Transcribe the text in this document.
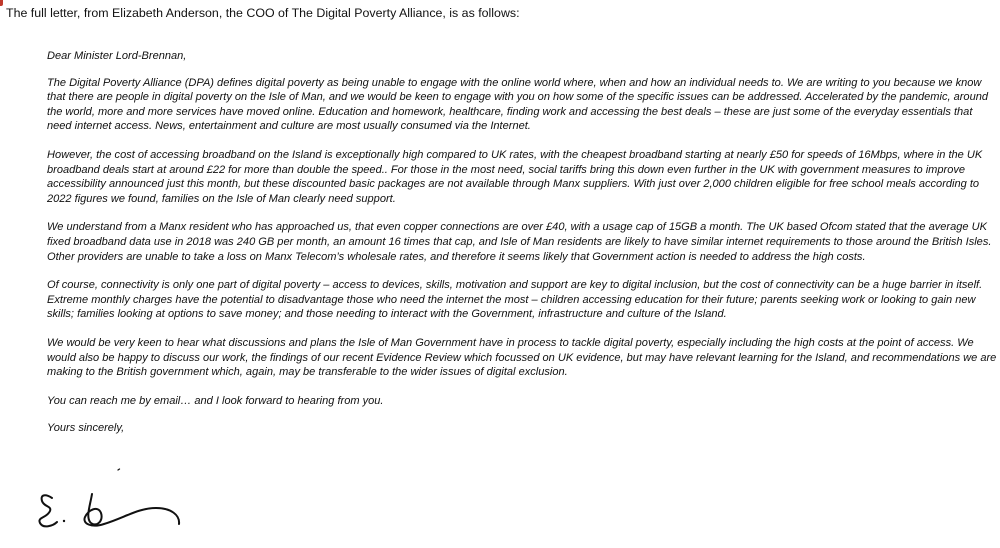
The full letter, from Elizabeth Anderson, the COO of The Digital Poverty Alliance, is as follows:

Dear Minister Lord-Brennan,

The Digital Poverty Alliance (DPA) defines digital poverty as being unable to engage with the online world where, when and how an individual needs to. We are writing to you because we know that there are people in digital poverty on the Isle of Man, and we would be keen to engage with you on how some of the specific issues can be addressed. Accelerated by the pandemic, around the world, more and more services have moved online. Education and homework, healthcare, finding work and accessing the best deals – these are just some of the everyday essentials that need internet access. News, entertainment and culture are most usually consumed via the Internet.

However, the cost of accessing broadband on the Island is exceptionally high compared to UK rates, with the cheapest broadband starting at nearly £50 for speeds of 16Mbps, where in the UK broadband deals start at around £22 for more than double the speed.. For those in the most need, social tariffs bring this down even further in the UK with government measures to improve accessibility announced just this month, but these discounted basic packages are not available through Manx suppliers. With just over 2,000 children eligible for free school meals according to 2022 figures we found, families on the Isle of Man clearly need support.

We understand from a Manx resident who has approached us, that even copper connections are over £40, with a usage cap of 15GB a month. The UK based Ofcom stated that the average UK fixed broadband data use in 2018 was 240 GB per month, an amount 16 times that cap, and Isle of Man residents are likely to have similar internet requirements to those around the British Isles. Other providers are unable to take a loss on Manx Telecom’s wholesale rates, and therefore it seems likely that Government action is needed to address the high costs.

Of course, connectivity is only one part of digital poverty – access to devices, skills, motivation and support are key to digital inclusion, but the cost of connectivity can be a huge barrier in itself. Extreme monthly charges have the potential to disadvantage those who need the internet the most – children accessing education for their future; parents seeking work or looking to gain new skills; families looking at options to save money; and those needing to interact with the Government, infrastructure and culture of the Island.

We would be very keen to hear what discussions and plans the Isle of Man Government have in process to tackle digital poverty, especially including the high costs at the point of access. We would also be happy to discuss our work, the findings of our recent Evidence Review which focussed on UK evidence, but may have relevant learning for the Island, and recommendations we are making to the British government which, again, may be transferable to the wider issues of digital exclusion.

You can reach me by email… and I look forward to hearing from you.

Yours sincerely,
